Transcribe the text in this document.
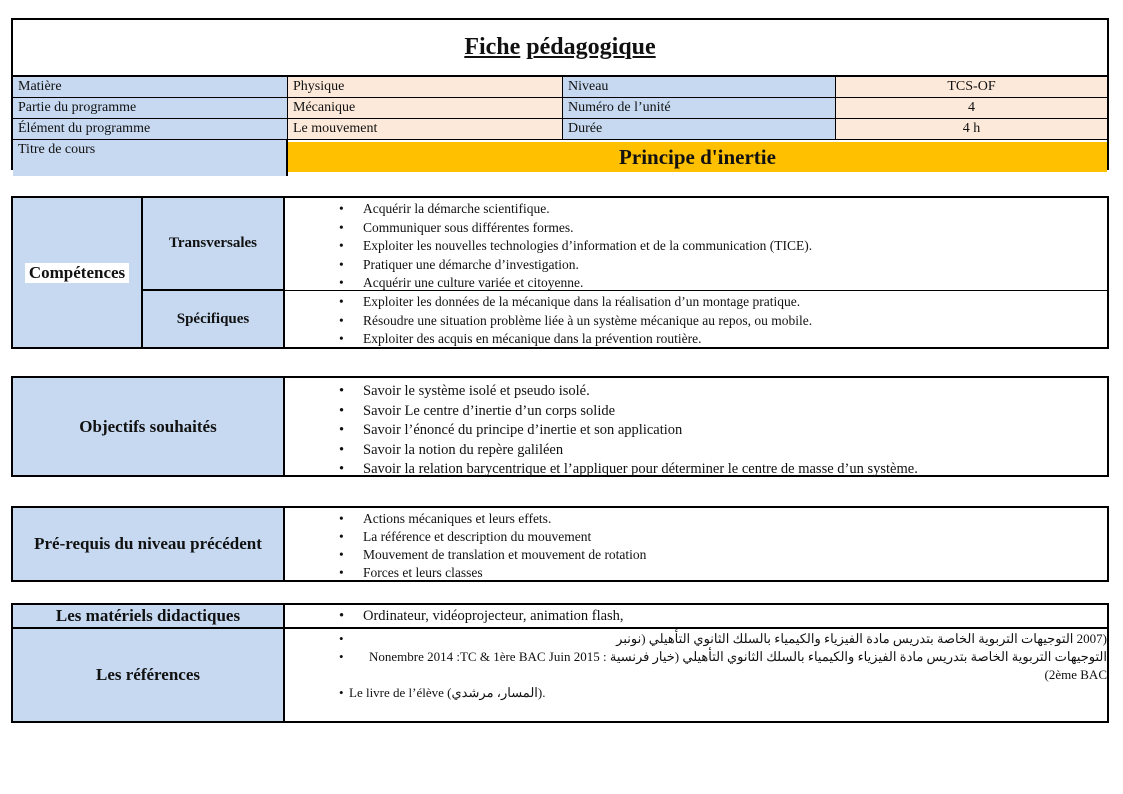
Fiche
pédagogique
Matière	Physique	Niveau	TCS-OF
Partie du programme	Mécanique	Numéro de l’unité	4
Élément du programme	Le mouvement	Durée	4 h
Titre de cours	Principe d'inertie
Compétences
Transversales
Spécifiques
• Acquérir la démarche scientifique.
• Communiquer sous différentes formes.
• Exploiter les nouvelles technologies d’information et de la communication (TICE).
• Pratiquer une démarche d’investigation.
• Acquérir une culture variée et citoyenne.
• Exploiter les données de la mécanique dans la réalisation d’un montage pratique.
• Résoudre une situation problème liée à un système mécanique au repos, ou mobile.
• Exploiter des acquis en mécanique dans la prévention routière.
Objectifs souhaités
• Savoir le système isolé et pseudo isolé.
• Savoir Le centre d’inertie d’un corps solide
• Savoir l’énoncé du principe d’inertie et son application
• Savoir la notion du repère galiléen
• Savoir la relation barycentrique et l’appliquer pour déterminer le centre de masse d’un système.
Pré-requis du niveau précédent
• Actions mécaniques et leurs effets.
• La référence et description du mouvement
• Mouvement de translation et mouvement de rotation
• Forces et leurs classes
Les matériels didactiques
•	Ordinateur, vidéoprojecteur, animation flash,
Les références
• (2007 التوجيهات التربوية الخاصة بتدريس مادة الفيزياء والكيمياء بالسلك الثانوي التأهيلي (نونبر
• التوجيهات التربوية الخاصة بتدريس مادة الفيزياء والكيمياء بالسلك الثانوي التأهيلي (خيار فرنسية Nonembre 2014 :TC & 1ère BAC Juin 2015 : 2ème BAC)
• Le livre de l’élève (المسار، مرشدي).
